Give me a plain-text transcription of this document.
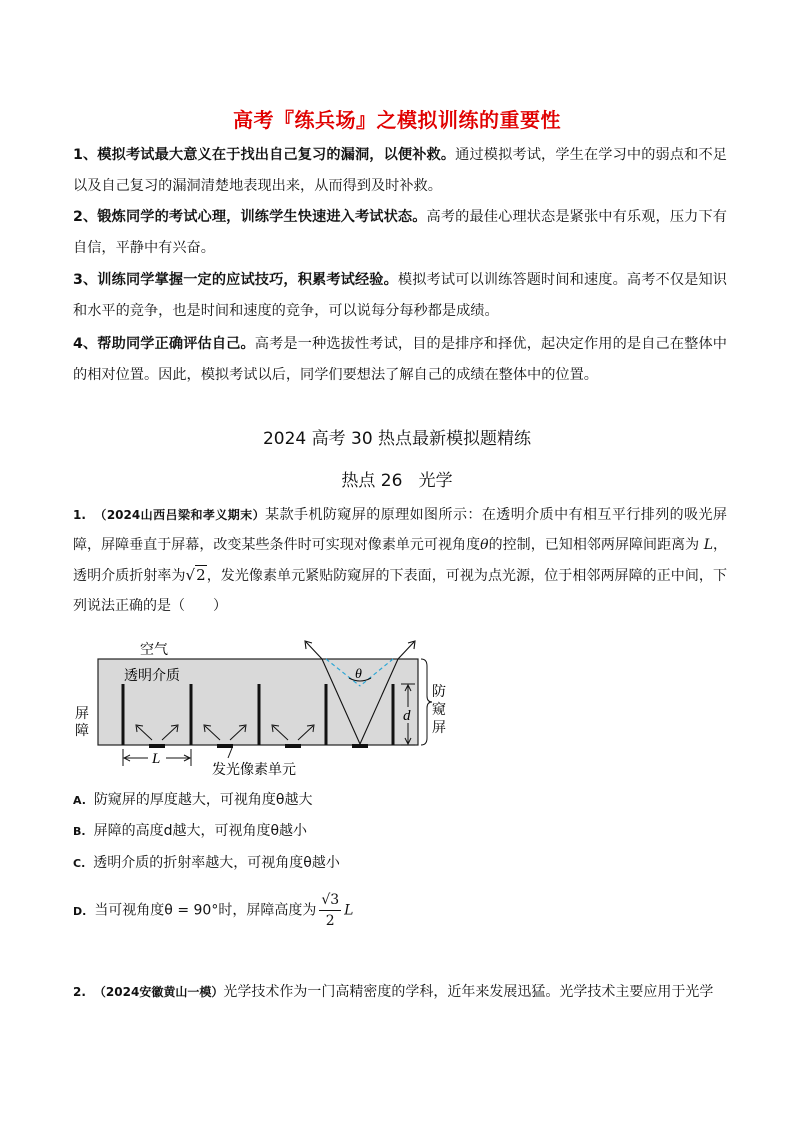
高考『练兵场』之模拟训练的重要性
1、模拟考试最大意义在于找出自己复习的漏洞，以便补救。通过模拟考试，学生在学习中的弱点和不足以及自己复习的漏洞清楚地表现出来，从而得到及时补救。
2、锻炼同学的考试心理，训练学生快速进入考试状态。高考的最佳心理状态是紧张中有乐观，压力下有自信，平静中有兴奋。
3、训练同学掌握一定的应试技巧，积累考试经验。模拟考试可以训练答题时间和速度。高考不仅是知识和水平的竞争，也是时间和速度的竞争，可以说每分每秒都是成绩。
4、帮助同学正确评估自己。高考是一种选拔性考试，目的是排序和择优，起决定作用的是自己在整体中的相对位置。因此，模拟考试以后，同学们要想法了解自己的成绩在整体中的位置。
2024 高考 30 热点最新模拟题精练
热点 26   光学
1. （2024山西吕梁和孝义期末）某款手机防窥屏的原理如图所示：在透明介质中有相互平行排列的吸光屏障，屏障垂直于屏幕，改变某些条件时可实现对像素单元可视角度θ的控制，已知相邻两屏障间距离为 L，透明介质折射率为√2，发光像素单元紧贴防窥屏的下表面，可视为点光源，位于相邻两屏障的正中间，下列说法正确的是（　　）
空气
透明介质	θ
d
防
窥
屏
屏
障
L
发光像素单元
A. 防窥屏的厚度越大，可视角度θ越大
B. 屏障的高度d越大，可视角度θ越小
C. 透明介质的折射率越大，可视角度θ越小
D. 当可视角度θ = 90°时，屏障高度为 $\frac{√3}{2}$ L
2. （2024安徽黄山一模）光学技术作为一门高精密度的学科，近年来发展迅猛。光学技术主要应用于光学
